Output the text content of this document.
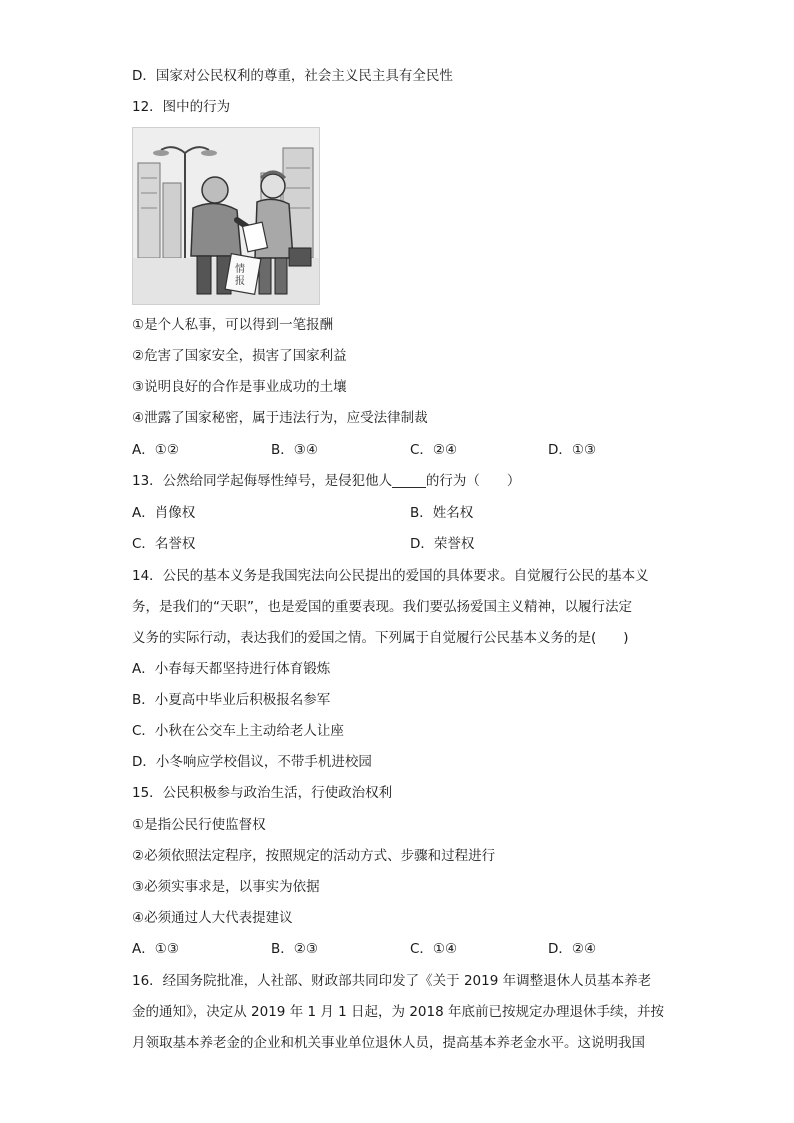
D．国家对公民权利的尊重，社会主义民主具有全民性
12．图中的行为
情报
①是个人私事，可以得到一笔报酬
②危害了国家安全，损害了国家利益
③说明良好的合作是事业成功的土壤
④泄露了国家秘密，属于违法行为，应受法律制裁
A．①②	B．③④	C．②④	D．①③
13．公然给同学起侮辱性绰号，是侵犯他人_____的行为（　　）
A．肖像权	B．姓名权
C．名誉权	D．荣誉权
14．公民的基本义务是我国宪法向公民提出的爱国的具体要求。自觉履行公民的基本义
务，是我们的“天职”，也是爱国的重要表现。我们要弘扬爱国主义精神，以履行法定
义务的实际行动，表达我们的爱国之情。下列属于自觉履行公民基本义务的是(　　)
A．小春每天都坚持进行体育锻炼
B．小夏高中毕业后积极报名参军
C．小秋在公交车上主动给老人让座
D．小冬响应学校倡议，不带手机进校园
15．公民积极参与政治生活，行使政治权利
①是指公民行使监督权
②必须依照法定程序，按照规定的活动方式、步骤和过程进行
③必须实事求是，以事实为依据
④必须通过人大代表提建议
A．①③	B．②③	C．①④	D．②④
16．经国务院批准，人社部、财政部共同印发了《关于 2019 年调整退休人员基本养老
金的通知》，决定从 2019 年 1 月 1 日起，为 2018 年底前已按规定办理退休手续，并按
月领取基本养老金的企业和机关事业单位退休人员，提高基本养老金水平。这说明我国
